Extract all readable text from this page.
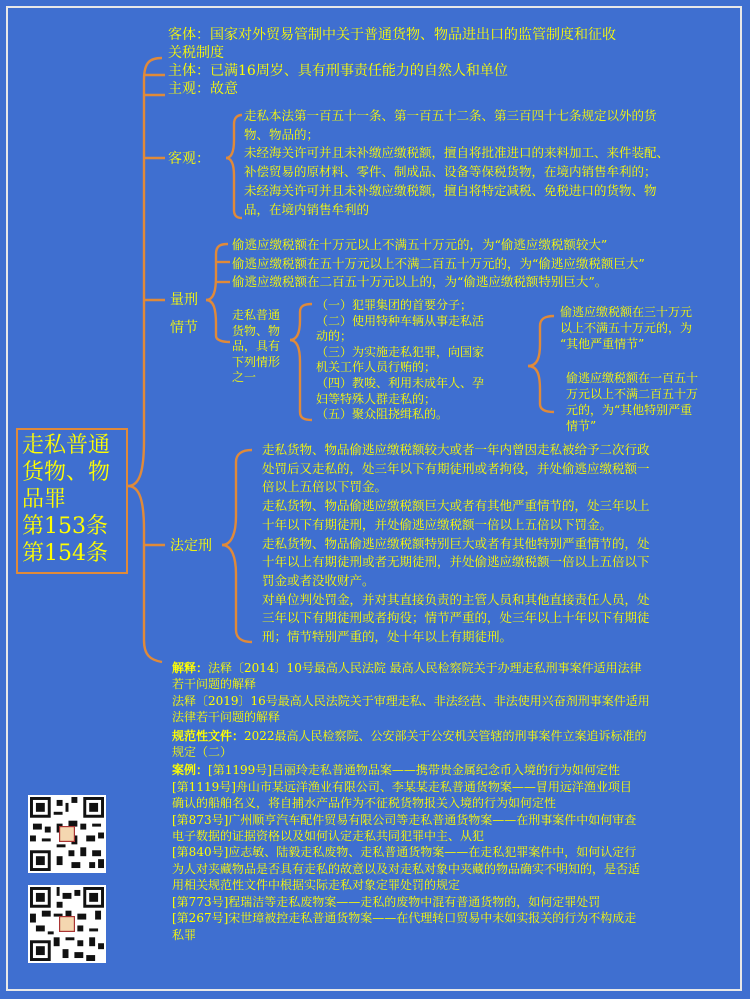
走私普通
货物、物
品罪
第153条
第154条
客体：国家对外贸易管制中关于普通货物、物品进出口的监管制度和征收
关税制度
主体：已满16周岁、具有刑事责任能力的自然人和单位
主观：故意
客观：
走私本法第一百五十一条、第一百五十二条、第三百四十七条规定以外的货
物、物品的；
未经海关许可并且未补缴应缴税额，擅自将批准进口的来料加工、来件装配、
补偿贸易的原材料、零件、制成品、设备等保税货物，在境内销售牟利的；
未经海关许可并且未补缴应缴税额，擅自将特定减税、免税进口的货物、物
品，在境内销售牟利的
量刑
情节
偷逃应缴税额在十万元以上不满五十万元的，为“偷逃应缴税额较大”
偷逃应缴税额在五十万元以上不满二百五十万元的，为“偷逃应缴税额巨大”
偷逃应缴税额在二百五十万元以上的，为“偷逃应缴税额特别巨大”。
走私普通
货物、物
品，具有
下列情形
之一
（一）犯罪集团的首要分子；
（二）使用特种车辆从事走私活
动的；
（三）为实施走私犯罪，向国家
机关工作人员行贿的；
（四）教唆、利用未成年人、孕
妇等特殊人群走私的；
（五）聚众阻挠缉私的。
偷逃应缴税额在三十万元
以上不满五十万元的，为
“其他严重情节”
偷逃应缴税额在一百五十
万元以上不满二百五十万
元的，为“其他特别严重
情节”
法定刑
走私货物、物品偷逃应缴税额较大或者一年内曾因走私被给予二次行政
处罚后又走私的，处三年以下有期徒刑或者拘役，并处偷逃应缴税额一
倍以上五倍以下罚金。
走私货物、物品偷逃应缴税额巨大或者有其他严重情节的，处三年以上
十年以下有期徒刑，并处偷逃应缴税额一倍以上五倍以下罚金。
走私货物、物品偷逃应缴税额特别巨大或者有其他特别严重情节的，处
十年以上有期徒刑或者无期徒刑，并处偷逃应缴税额一倍以上五倍以下
罚金或者没收财产。
对单位判处罚金，并对其直接负责的主管人员和其他直接责任人员，处
三年以下有期徒刑或者拘役；情节严重的，处三年以上十年以下有期徒
刑；情节特别严重的，处十年以上有期徒刑。
解释：法释〔2014〕10号最高人民法院 最高人民检察院关于办理走私刑事案件适用法律
若干问题的解释
法释〔2019〕16号最高人民法院关于审理走私、非法经营、非法使用兴奋剂刑事案件适用
法律若干问题的解释
规范性文件：2022最高人民检察院、公安部关于公安机关管辖的刑事案件立案追诉标准的
规定（二）
案例：[第1199号]吕丽玲走私普通物品案——携带贵金属纪念币入境的行为如何定性
[第1119号]舟山市某远洋渔业有限公司、李某某走私普通货物案——冒用远洋渔业项目
确认的船舶名义，将自捕水产品作为不征税货物报关入境的行为如何定性
[第873号]广州顺亨汽车配件贸易有限公司等走私普通货物案——在刑事案件中如何审查
电子数据的证据资格以及如何认定走私共同犯罪中主、从犯
[第840号]应志敏、陆毅走私废物、走私普通货物案——在走私犯罪案件中，如何认定行
为人对夹藏物品是否具有走私的故意以及对走私对象中夹藏的物品确实不明知的，是否适
用相关规范性文件中根据实际走私对象定罪处罚的规定
[第773号]程瑞洁等走私废物案——走私的废物中混有普通货物的，如何定罪处罚
[第267号]宋世璋被控走私普通货物案——在代理转口贸易中未如实报关的行为不构成走
私罪
